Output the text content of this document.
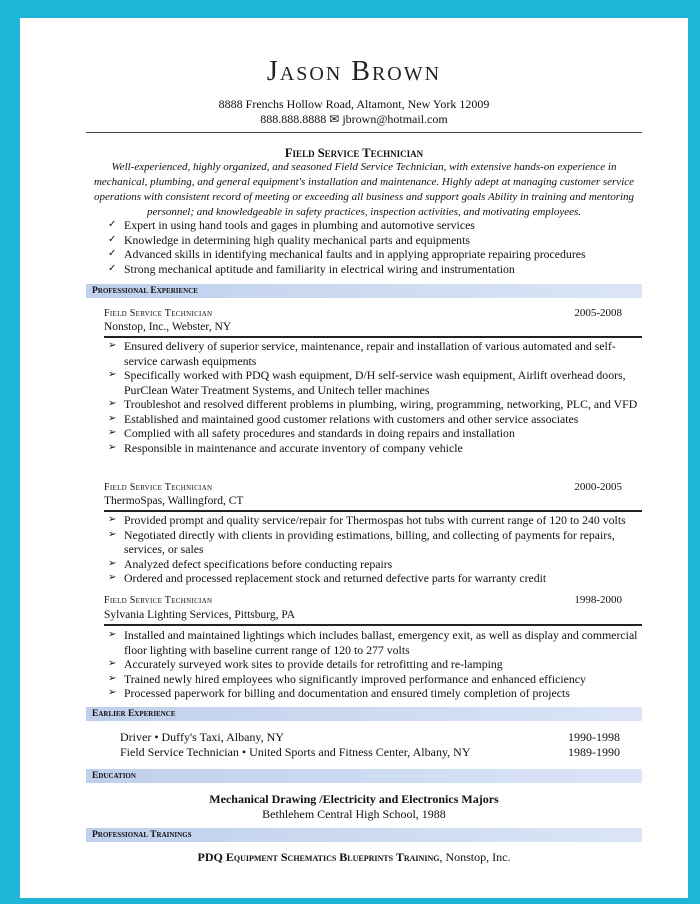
Jason Brown
8888 Frenchs Hollow Road, Altamont, New York 12009
888.888.8888 ✉ jbrown@hotmail.com
Field Service Technician
Well-experienced, highly organized, and seasoned Field Service Technician, with extensive hands-on experience in mechanical, plumbing, and general equipment's installation and maintenance. Highly adept at managing customer service operations with consistent record of meeting or exceeding all business and support goals Ability in training and mentoring personnel; and knowledgeable in safety practices, inspection activities, and motivating employees.
✓ Expert in using hand tools and gages in plumbing and automotive services
✓ Knowledge in determining high quality mechanical parts and equipments
✓ Advanced skills in identifying mechanical faults and in applying appropriate repairing procedures
✓ Strong mechanical aptitude and familiarity in electrical wiring and instrumentation
Professional Experience
Field Service Technician	2005-2008
Nonstop, Inc., Webster, NY
➢ Ensured delivery of superior service, maintenance, repair and installation of various automated and self-service carwash equipments
➢ Specifically worked with PDQ wash equipment, D/H self-service wash equipment, Airlift overhead doors, PurClean Water Treatment Systems, and Unitech teller machines
➢ Troubleshot and resolved different problems in plumbing, wiring, programming, networking, PLC, and VFD
➢ Established and maintained good customer relations with customers and other service associates
➢ Complied with all safety procedures and standards in doing repairs and installation
➢ Responsible in maintenance and accurate inventory of company vehicle
Field Service Technician	2000-2005
ThermoSpas, Wallingford, CT
➢ Provided prompt and quality service/repair for Thermospas hot tubs with current range of 120 to 240 volts
➢ Negotiated directly with clients in providing estimations, billing, and collecting of payments for repairs, services, or sales
➢ Analyzed defect specifications before conducting repairs
➢ Ordered and processed replacement stock and returned defective parts for warranty credit
Field Service Technician	1998-2000
Sylvania Lighting Services, Pittsburg, PA
➢ Installed and maintained lightings which includes ballast, emergency exit, as well as display and commercial floor lighting with baseline current range of 120 to 277 volts
➢ Accurately surveyed work sites to provide details for retrofitting and re-lamping
➢ Trained newly hired employees who significantly improved performance and enhanced efficiency
➢ Processed paperwork for billing and documentation and ensured timely completion of projects
Earlier Experience
Driver • Duffy's Taxi, Albany, NY	1990-1998
Field Service Technician • United Sports and Fitness Center, Albany, NY	1989-1990
Education
Mechanical Drawing /Electricity and Electronics Majors
Bethlehem Central High School, 1988
Professional Trainings
PDQ Equipment Schematics Blueprints Training, Nonstop, Inc.
